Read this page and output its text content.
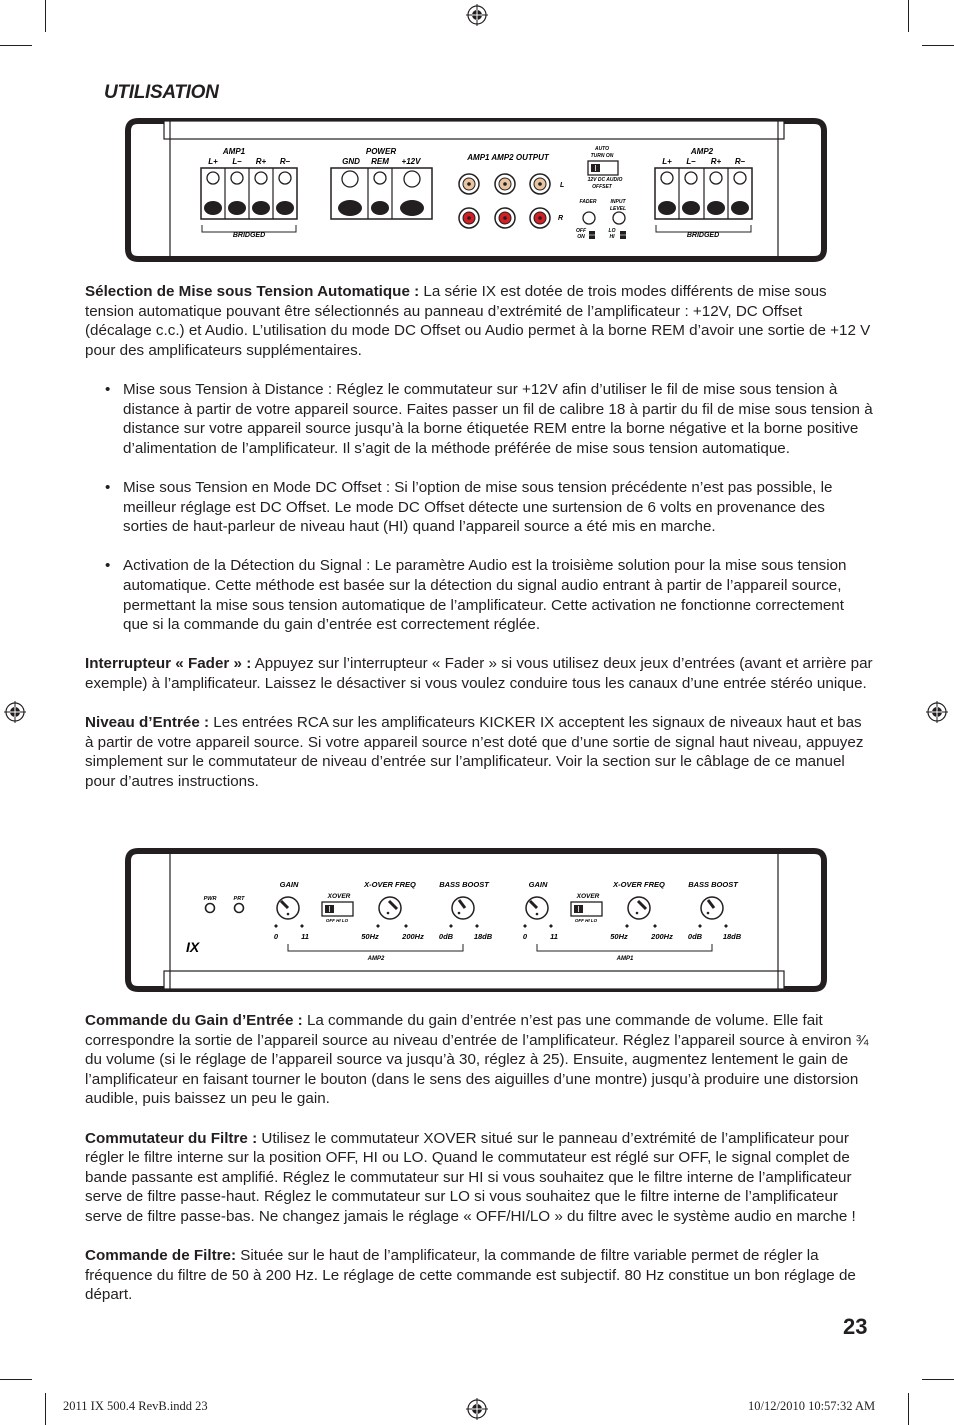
UTILISATION
AMP1
L+ L– R+ R–
BRIDGED
POWER
GND REM +12V	AMP1 AMP2 OUTPUT
L
R
AUTO
TURN ON
12V DC AUDIO
OFFSET
FADER	INPUT
LEVEL
OFF
ON
LO
HI
AMP2
L+ L– R+ R–
BRIDGED

Sélection de Mise sous Tension Automatique : La série IX est dotée de trois modes différents de mise sous tension automatique pouvant être sélectionnés au panneau d’extrémité de l’amplificateur : +12V, DC Offset (décalage c.c.) et Audio. L’utilisation du mode DC Offset ou Audio permet à la borne REM d’avoir une sortie de +12 V pour des amplificateurs supplémentaires.

• Mise sous Tension à Distance : Réglez le commutateur sur +12V afin d’utiliser le fil de mise sous tension à distance à partir de votre appareil source. Faites passer un fil de calibre 18 à partir du fil de mise sous tension à distance sur votre appareil source jusqu’à la borne étiquetée REM entre la borne négative et la borne positive d’alimentation de l’amplificateur. Il s’agit de la méthode préférée de mise sous tension automatique.
• Mise sous Tension en Mode DC Offset : Si l’option de mise sous tension précédente n’est pas possible, le meilleur réglage est DC Offset. Le mode DC Offset détecte une surtension de 6 volts en provenance des sorties de haut-parleur de niveau haut (HI) quand l’appareil source a été mis en marche.
• Activation de la Détection du Signal : Le paramètre Audio est la troisième solution pour la mise sous tension automatique. Cette méthode est basée sur la détection du signal audio entrant à partir de l’appareil source, permettant la mise sous tension automatique de l’amplificateur. Cette activation ne fonctionne correctement que si la commande du gain d’entrée est correctement réglée.

Interrupteur « Fader » : Appuyez sur l’interrupteur « Fader » si vous utilisez deux jeux d’entrées (avant et arrière par exemple) à l’amplificateur. Laissez le désactiver si vous voulez conduire tous les canaux d’une entrée stéréo unique.

Niveau d’Entrée : Les entrées RCA sur les amplificateurs KICKER IX acceptent les signaux de niveaux haut et bas à partir de votre appareil source. Si votre appareil source n’est doté que d’une sortie de signal haut niveau, appuyez simplement sur le commutateur de niveau d’entrée sur l’amplificateur. Voir la section sur le câblage de ce manuel pour d’autres instructions.

PWR	PRT
IX
GAIN	X-OVER FREQ	BASS BOOST
XOVER
OFF HI LO
0	11	50Hz	200Hz 0dB	18dB
AMP2
GAIN	X-OVER FREQ	BASS BOOST
XOVER
OFF HI LO
0	11	50Hz	200Hz 0dB	18dB
AMP1

Commande du Gain d’Entrée : La commande du gain d’entrée n’est pas une commande de volume. Elle fait correspondre la sortie de l’appareil source au niveau d’entrée de l’amplificateur. Réglez l’appareil source à environ ¾ du volume (si le réglage de l’appareil source va jusqu’à 30, réglez à 25). Ensuite, augmentez lentement le gain de l’amplificateur en faisant tourner le bouton (dans le sens des aiguilles d’une montre) jusqu’à produire une distorsion audible, puis baissez un peu le gain.

Commutateur du Filtre : Utilisez le commutateur XOVER situé sur le panneau d’extrémité de l’amplificateur pour régler le filtre interne sur la position OFF, HI ou LO. Quand le commutateur est réglé sur OFF, le signal complet de bande passante est amplifié. Réglez le commutateur sur HI si vous souhaitez que le filtre interne de l’amplificateur serve de filtre passe-haut. Réglez le commutateur sur LO si vous souhaitez que le filtre interne de l’amplificateur serve de filtre passe-bas. Ne changez jamais le réglage « OFF/HI/LO » du filtre avec le système audio en marche !

Commande de Filtre: Située sur le haut de l’amplificateur, la commande de filtre variable permet de régler la fréquence du filtre de 50 à 200 Hz. Le réglage de cette commande est subjectif. 80 Hz constitue un bon réglage de départ.

23
2011 IX 500.4 RevB.indd 23	10/12/2010 10:57:32 AM
